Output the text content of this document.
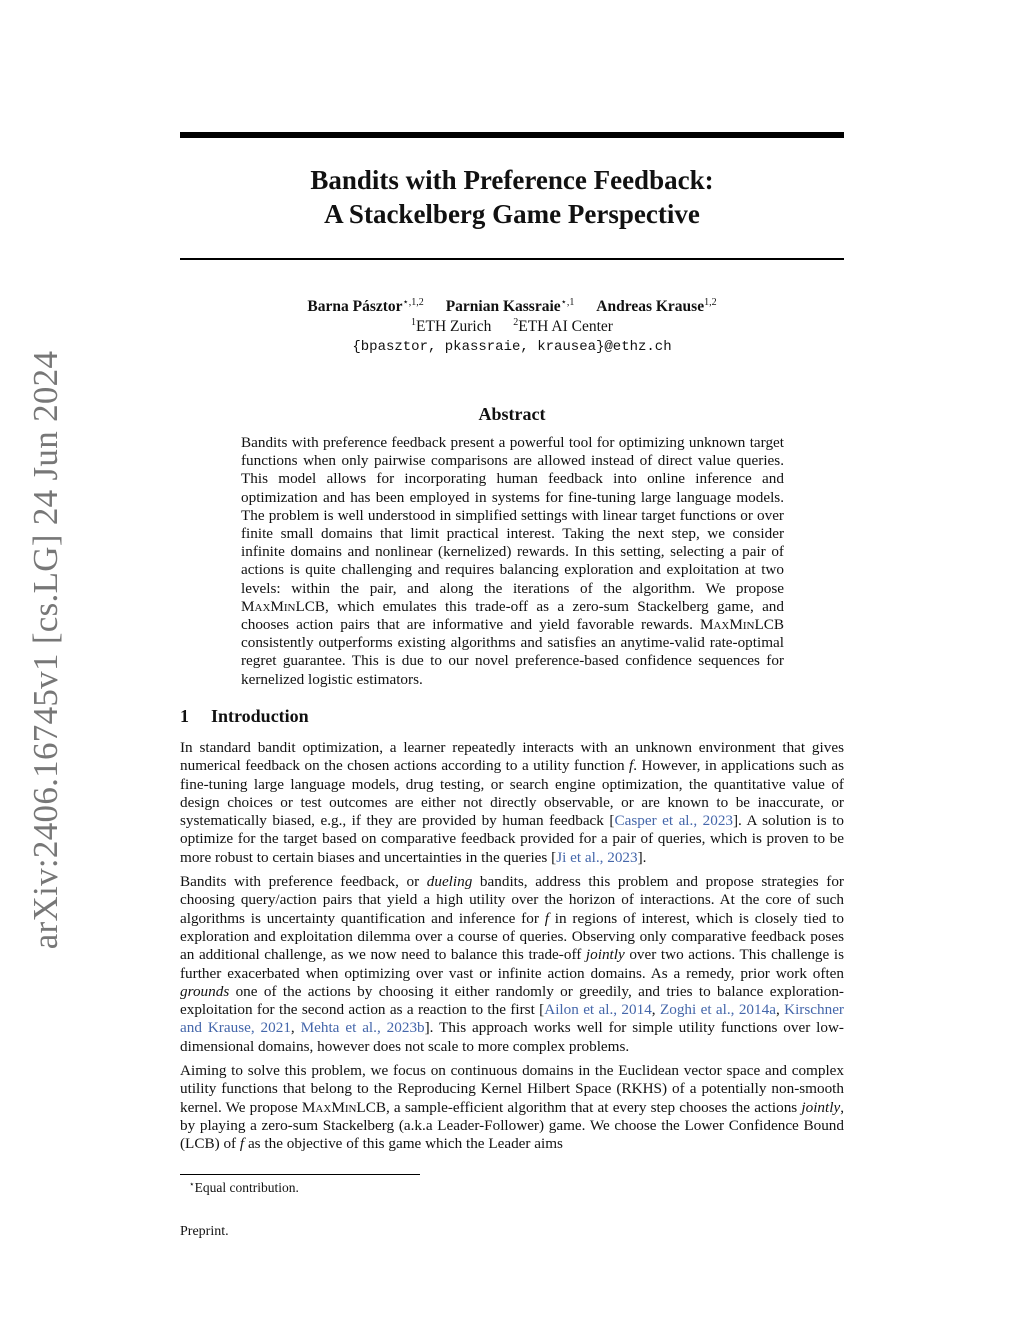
arXiv:2406.16745v1 [cs.LG] 24 Jun 2024
Bandits with Preference Feedback:
A Stackelberg Game Perspective
Barna Pásztor$^{⋆,1,2}$ Parnian Kassraie$^{⋆,1}$ Andreas Krause$^{1,2}$
$^1$ETH Zurich $^2$ETH AI Center
{bpasztor, pkassraie, krausea}@ethz.ch
Abstract

Bandits with preference feedback present a powerful tool for optimizing unknown target functions when only pairwise comparisons are allowed instead of direct value queries. This model allows for incorporating human feedback into online inference and optimization and has been employed in systems for fine-tuning large language models. The problem is well understood in simplified settings with linear target functions or over finite small domains that limit practical interest. Taking the next step, we consider infinite domains and nonlinear (kernelized) rewards. In this setting, selecting a pair of actions is quite challenging and requires balancing exploration and exploitation at two levels: within the pair, and along the iterations of the algorithm. We propose MaxMinLCB, which emulates this trade-off as a zero-sum Stackelberg game, and chooses action pairs that are informative and yield favorable rewards. MaxMinLCB consistently outperforms existing algorithms and satisfies an anytime-valid rate-optimal regret guarantee. This is due to our novel preference-based confidence sequences for kernelized logistic estimators.

1 Introduction

In standard bandit optimization, a learner repeatedly interacts with an unknown environment that gives numerical feedback on the chosen actions according to a utility function f. However, in applications such as fine-tuning large language models, drug testing, or search engine optimization, the quantitative value of design choices or test outcomes are either not directly observable, or are known to be inaccurate, or systematically biased, e.g., if they are provided by human feedback [Casper et al., 2023]. A solution is to optimize for the target based on comparative feedback provided for a pair of queries, which is proven to be more robust to certain biases and uncertainties in the queries [Ji et al., 2023].

Bandits with preference feedback, or dueling bandits, address this problem and propose strategies for choosing query/action pairs that yield a high utility over the horizon of interactions. At the core of such algorithms is uncertainty quantification and inference for f in regions of interest, which is closely tied to exploration and exploitation dilemma over a course of queries. Observing only comparative feedback poses an additional challenge, as we now need to balance this trade-off jointly over two actions. This challenge is further exacerbated when optimizing over vast or infinite action domains. As a remedy, prior work often grounds one of the actions by choosing it either randomly or greedily, and tries to balance exploration-exploitation for the second action as a reaction to the first [Ailon et al., 2014, Zoghi et al., 2014a, Kirschner and Krause, 2021, Mehta et al., 2023b]. This approach works well for simple utility functions over low-dimensional domains, however does not scale to more complex problems.

Aiming to solve this problem, we focus on continuous domains in the Euclidean vector space and complex utility functions that belong to the Reproducing Kernel Hilbert Space (RKHS) of a potentially non-smooth kernel. We propose MaxMinLCB, a sample-efficient algorithm that at every step chooses the actions jointly, by playing a zero-sum Stackelberg (a.k.a Leader-Follower) game. We choose the Lower Confidence Bound (LCB) of f as the objective of this game which the Leader aims

⋆Equal contribution.
Preprint.
